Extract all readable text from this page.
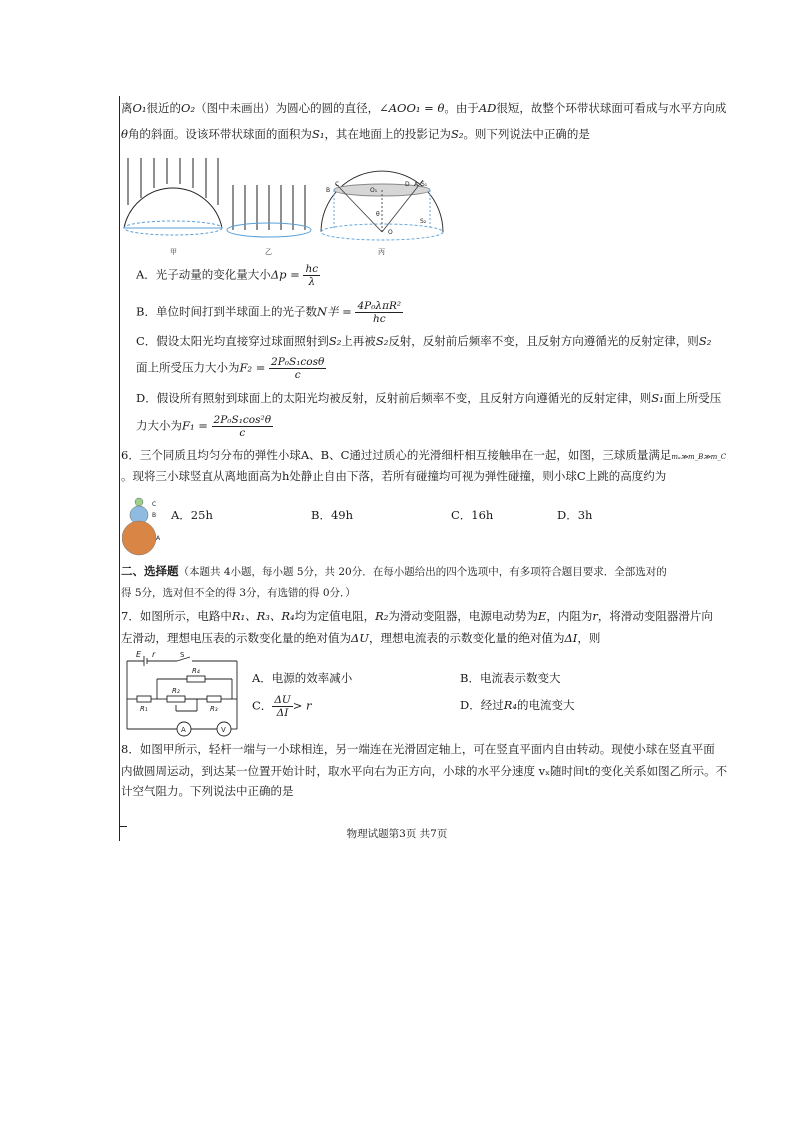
离O₁很近的O₂（图中未画出）为圆心的圆的直径，∠AOO₁ = θ。由于AD很短，故整个环带状球面可看成与水平方向成
θ角的斜面。设该环带状球面的面积为S₁，其在地面上的投影记为S₂。则下列说法中正确的是
甲	乙
B
C
O₁
D A S₁
θ
S₂
O
丙
A．光子动量的变化量大小$\Delta p = \frac{hc}{\lambda}$
B．单位时间打到半球面上的光子数N半 = $\frac{\text{4P₀λπR²}}{hc}$
C．假设太阳光均直接穿过球面照射到S₂上再被S₂反射，反射前后频率不变，且反射方向遵循光的反射定律，则S₂
面上所受压力大小为$F_2 = \frac{\text{2P₀S₁cosθ}}{c}$
D．假设所有照射到球面上的太阳光均被反射，反射前后频率不变，且反射方向遵循光的反射定律，则S₁面上所受压
力大小为$F_1 = \frac{\text{2P₀S₁cos²θ}}{c}$
6．三个同质且均匀分布的弹性小球A、B、C通过过质心的光滑细杆相互接触串在一起，如图，三球质量满足mₐ≫m_B≫m_C
。现将三小球竖直从离地面高为h处静止自由下落，若所有碰撞均可视为弹性碰撞，则小球C上跳的高度约为
C
B
A
A．25h	B．49h	C．16h	D．3h
二、选择题（本题共 4小题，每小题 5分，共 20分．在每小题给出的四个选项中，有多项符合题目要求．全部选对的
得 5分，选对但不全的得 3分，有选错的得 0分．）
7．如图所示，电路中R₁、R₃、R₄均为定值电阻，R₂为滑动变阻器，电源电动势为E，内阻为r，将滑动变阻器滑片向
左滑动，理想电压表的示数变化量的绝对值为ΔU，理想电流表的示数变化量的绝对值为ΔI，则
E r	S
R₄
R₂
R₁	R₃
A	V
A．电源的效率减小	B．电流表示数变大
C． $\frac{\Delta U}{\Delta I} > r$	D．经过R₄的电流变大
8．如图甲所示，轻杆一端与一小球相连，另一端连在光滑固定轴上，可在竖直平面内自由转动。现使小球在竖直平面
内做圆周运动，到达某一位置开始计时，取水平向右为正方向，小球的水平分速度 vₓ随时间t的变化关系如图乙所示。不
计空气阻力。下列说法中正确的是
物理试题第3页 共7页
